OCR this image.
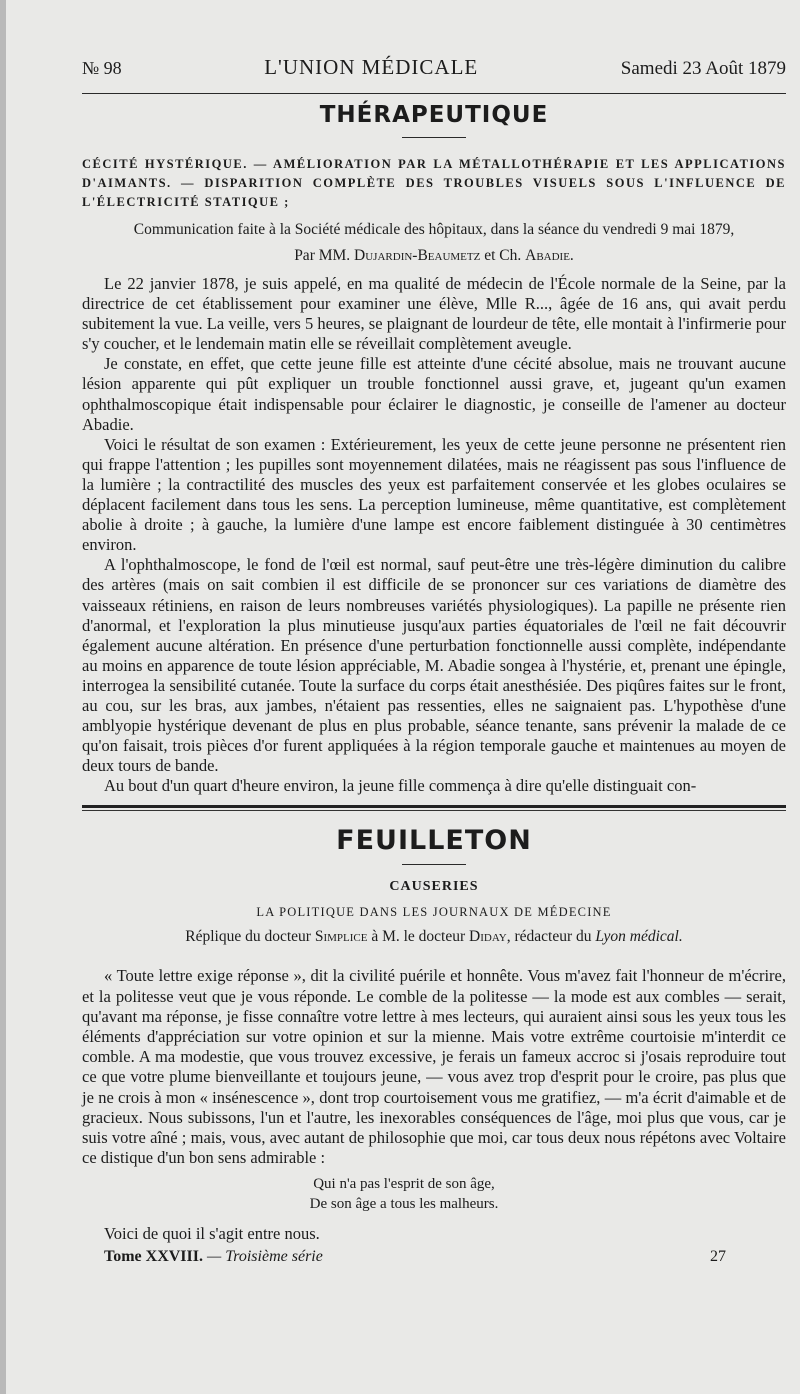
№ 98	L'UNION MÉDICALE	Samedi 23 Août 1879
THÉRAPEUTIQUE
CÉCITÉ HYSTÉRIQUE. — AMÉLIORATION PAR LA MÉTALLOTHÉRAPIE ET LES APPLICATIONS D'AIMANTS. — DISPARITION COMPLÈTE DES TROUBLES VISUELS SOUS L'INFLUENCE DE L'ÉLECTRICITÉ STATIQUE ;
Communication faite à la Société médicale des hôpitaux, dans la séance du vendredi 9 mai 1879,
Par MM. Dujardin-Beaumetz et Ch. Abadie.

Le 22 janvier 1878, je suis appelé, en ma qualité de médecin de l'École normale de la Seine, par la directrice de cet établissement pour examiner une élève, Mlle R..., âgée de 16 ans, qui avait perdu subitement la vue. La veille, vers 5 heures, se plaignant de lourdeur de tête, elle montait à l'infirmerie pour s'y coucher, et le lendemain matin elle se réveillait complètement aveugle.

Je constate, en effet, que cette jeune fille est atteinte d'une cécité absolue, mais ne trouvant aucune lésion apparente qui pût expliquer un trouble fonctionnel aussi grave, et, jugeant qu'un examen ophthalmoscopique était indispensable pour éclairer le diagnostic, je conseille de l'amener au docteur Abadie.

Voici le résultat de son examen : Extérieurement, les yeux de cette jeune personne ne présentent rien qui frappe l'attention ; les pupilles sont moyennement dilatées, mais ne réagissent pas sous l'influence de la lumière ; la contractilité des muscles des yeux est parfaitement conservée et les globes oculaires se déplacent facilement dans tous les sens. La perception lumineuse, même quantitative, est complètement abolie à droite ; à gauche, la lumière d'une lampe est encore faiblement distinguée à 30 centimètres environ.

A l'ophthalmoscope, le fond de l'œil est normal, sauf peut-être une très-légère diminution du calibre des artères (mais on sait combien il est difficile de se prononcer sur ces variations de diamètre des vaisseaux rétiniens, en raison de leurs nombreuses variétés physiologiques). La papille ne présente rien d'anormal, et l'exploration la plus minutieuse jusqu'aux parties équatoriales de l'œil ne fait découvrir également aucune altération. En présence d'une perturbation fonctionnelle aussi complète, indépendante au moins en apparence de toute lésion appréciable, M. Abadie songea à l'hystérie, et, prenant une épingle, interrogea la sensibilité cutanée. Toute la surface du corps était anesthésiée. Des piqûres faites sur le front, au cou, sur les bras, aux jambes, n'étaient pas ressenties, elles ne saignaient pas. L'hypothèse d'une amblyopie hystérique devenant de plus en plus probable, séance tenante, sans prévenir la malade de ce qu'on faisait, trois pièces d'or furent appliquées à la région temporale gauche et maintenues au moyen de deux tours de bande.

Au bout d'un quart d'heure environ, la jeune fille commença à dire qu'elle distinguait con-

FEUILLETON
CAUSERIES
LA POLITIQUE DANS LES JOURNAUX DE MÉDECINE
Réplique du docteur Simplice à M. le docteur Diday, rédacteur du Lyon médical.

« Toute lettre exige réponse », dit la civilité puérile et honnête. Vous m'avez fait l'honneur de m'écrire, et la politesse veut que je vous réponde. Le comble de la politesse — la mode est aux combles — serait, qu'avant ma réponse, je fisse connaître votre lettre à mes lecteurs, qui auraient ainsi sous les yeux tous les éléments d'appréciation sur votre opinion et sur la mienne. Mais votre extrême courtoisie m'interdit ce comble. A ma modestie, que vous trouvez excessive, je ferais un fameux accroc si j'osais reproduire tout ce que votre plume bienveillante et toujours jeune, — vous avez trop d'esprit pour le croire, pas plus que je ne crois à mon « insénescence », dont trop courtoisement vous me gratifiez, — m'a écrit d'aimable et de gracieux. Nous subissons, l'un et l'autre, les inexorables conséquences de l'âge, moi plus que vous, car je suis votre aîné ; mais, vous, avec autant de philosophie que moi, car tous deux nous répétons avec Voltaire ce distique d'un bon sens admirable :

Qui n'a pas l'esprit de son âge,
De son âge a tous les malheurs.
Voici de quoi il s'agit entre nous.
Tome XXVIII. — Troisième série	27
